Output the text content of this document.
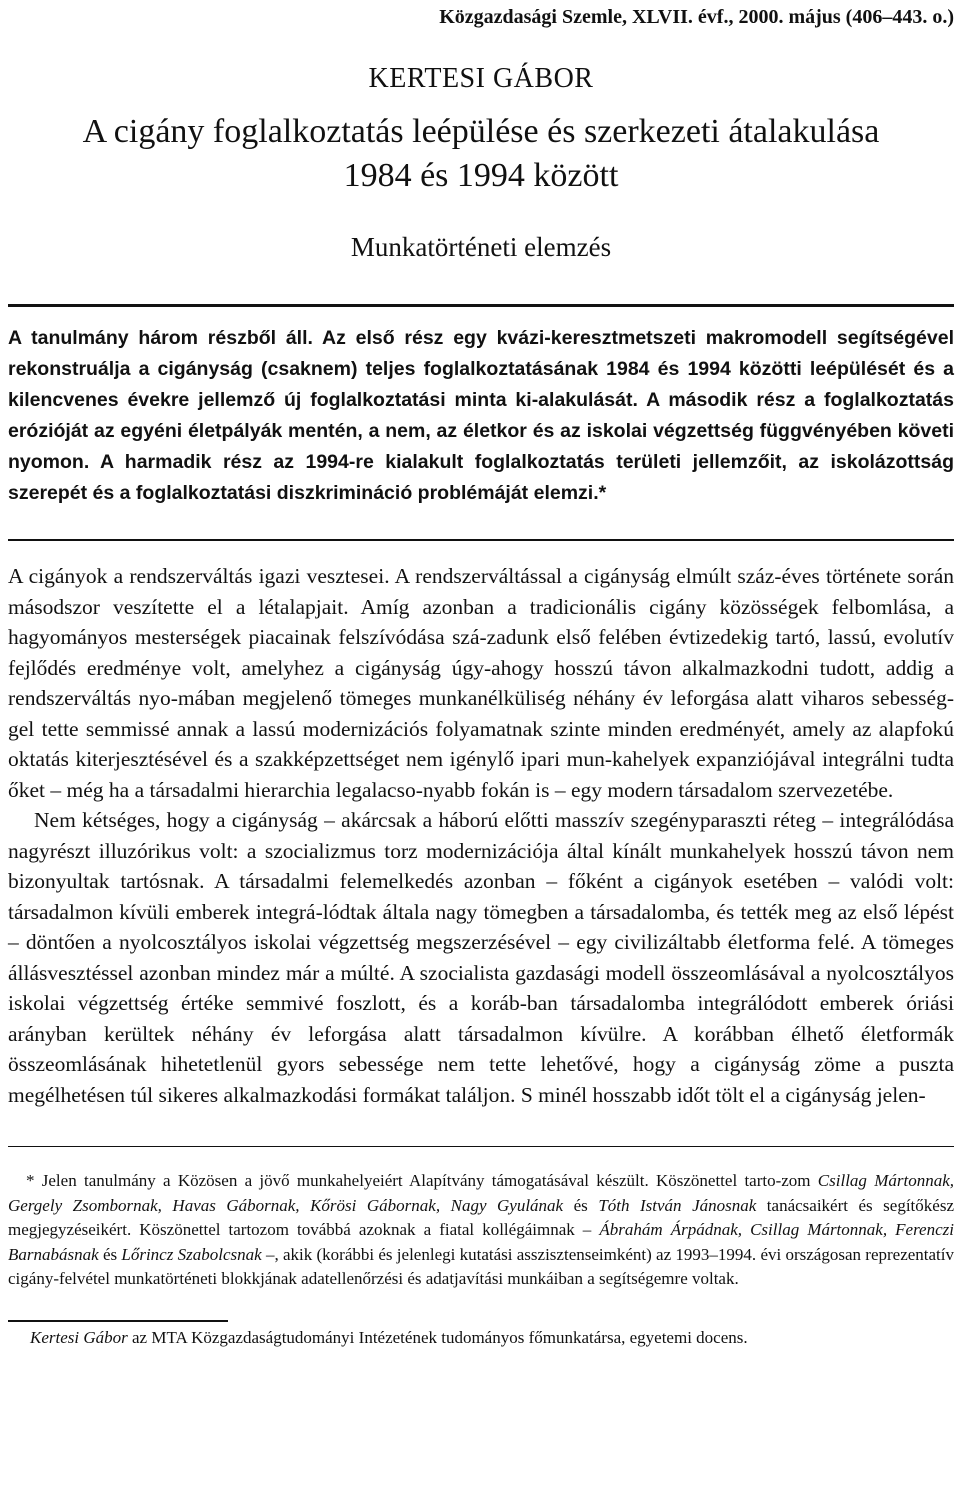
Közgazdasági Szemle, XLVII. évf., 2000. május (406–443. o.)
KERTESI GÁBOR
A cigány foglalkoztatás leépülése és szerkezeti átalakulása
1984 és 1994 között
Munkatörténeti elemzés
A tanulmány három részből áll. Az első rész egy kvázi-keresztmetszeti makromodell segítségével rekonstruálja a cigányság (csaknem) teljes foglalkoztatásának 1984 és 1994 közötti leépülését és a kilencvenes évekre jellemző új foglalkoztatási minta ki-alakulását. A második rész a foglalkoztatás erózióját az egyéni életpályák mentén, a nem, az életkor és az iskolai végzettség függvényében követi nyomon. A harmadik rész az 1994-re kialakult foglalkoztatás területi jellemzőit, az iskolázottság szerepét és a foglalkoztatási diszkrimináció problémáját elemzi.*

A cigányok a rendszerváltás igazi vesztesei. A rendszerváltással a cigányság elmúlt száz-éves története során másodszor veszítette el a létalapjait. Amíg azonban a tradicionális cigány közösségek felbomlása, a hagyományos mesterségek piacainak felszívódása szá-zadunk első felében évtizedekig tartó, lassú, evolutív fejlődés eredménye volt, amelyhez a cigányság úgy-ahogy hosszú távon alkalmazkodni tudott, addig a rendszerváltás nyo-mában megjelenő tömeges munkanélküliség néhány év leforgása alatt viharos sebesség-gel tette semmissé annak a lassú modernizációs folyamatnak szinte minden eredményét, amely az alapfokú oktatás kiterjesztésével és a szakképzettséget nem igénylő ipari mun-kahelyek expanziójával integrálni tudta őket – még ha a társadalmi hierarchia legalacso-nyabb fokán is – egy modern társadalom szervezetébe.

Nem kétséges, hogy a cigányság – akárcsak a háború előtti masszív szegényparaszti réteg – integrálódása nagyrészt illuzórikus volt: a szocializmus torz modernizációja által kínált munkahelyek hosszú távon nem bizonyultak tartósnak. A társadalmi felemelkedés azonban – főként a cigányok esetében – valódi volt: társadalmon kívüli emberek integrá-lódtak általa nagy tömegben a társadalomba, és tették meg az első lépést – döntően a nyolcosztályos iskolai végzettség megszerzésével – egy civilizáltabb életforma felé. A tömeges állásvesztéssel azonban mindez már a múlté. A szocialista gazdasági modell összeomlásával a nyolcosztályos iskolai végzettség értéke semmivé foszlott, és a koráb-ban társadalomba integrálódott emberek óriási arányban kerültek néhány év leforgása alatt társadalmon kívülre. A korábban élhető életformák összeomlásának hihetetlenül gyors sebessége nem tette lehetővé, hogy a cigányság zöme a puszta megélhetésen túl sikeres alkalmazkodási formákat találjon. S minél hosszabb időt tölt el a cigányság jelen-

* Jelen tanulmány a Közösen a jövő munkahelyeiért Alapítvány támogatásával készült. Köszönettel tarto-zom Csillag Mártonnak, Gergely Zsombornak, Havas Gábornak, Kőrösi Gábornak, Nagy Gyulának és Tóth István Jánosnak tanácsaikért és segítőkész megjegyzéseikért. Köszönettel tartozom továbbá azoknak a fiatal kollégáimnak – Ábrahám Árpádnak, Csillag Mártonnak, Ferenczi Barnabásnak és Lőrincz Szabolcsnak –, akik (korábbi és jelenlegi kutatási asszisztenseimként) az 1993–1994. évi országosan reprezentatív cigány-felvétel munkatörténeti blokkjának adatellenőrzési és adatjavítási munkáiban a segítségemre voltak.
Kertesi Gábor az MTA Közgazdaságtudományi Intézetének tudományos főmunkatársa, egyetemi docens.
